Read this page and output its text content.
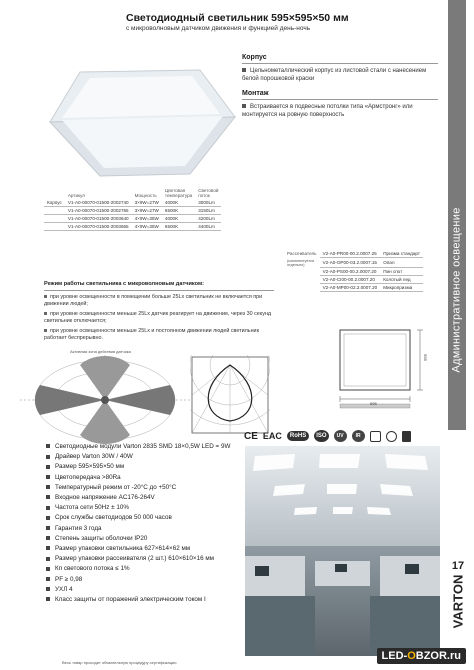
Светодиодный светильник 595×595×50 мм
с микроволновым датчиком движения и функцией день-ночь
Корпус
Цельнометаллический корпус из листовой стали с нанесением белой порошковой краски
Монтаж
Встраивается в подвесные потолки типа «Армстронг» или монтируется на ровную поверхность
	Артикул	Мощность	Цветовая температура	Световой поток
Корпус	V1-A0-00070-01500-2002740	3×9W=27W	4000K	3000Lm
	V1-A0-00070-01500-2002765	3×9W=27W	6500K	3150Lm
	V1-A0-00070-01500-2003640	4×9W=36W	4000K	4200Lm
	V1-A0-00070-01500-2003665	4×9W=36W	6500K	4400Lm
Рассеиватель	V2-A0-PR00-00.2.0007.25	Призма стандарт
(комплектуется отдельно)	V2-A0-OP00-03.2.0007.15	Опал
	V2-A0-PS00-00.2.0007.20	Пин спот
	V2-A0-CI00-00.2.0007.20	Колотый лед
	V2-A0-MP00-02.2.0007.20	Микропризма
Режим работы светильника с микроволновым датчиком:
при уровне освещенности в помещении больше 25Lx светильник не включается при движении людей;
при уровне освещенности меньше 25Lx датчик реагирует на движение, через 30 секунд светильник отключается;
при уровне освещенности меньше 25Lx и постоянном движении людей светильник работает беспрерывно.
Активная зона действия датчика
595
595
Светодиодные модули Varton 2835 SMD 18×0,5W LED = 9W
Драйвер Varton 30W / 40W
Размер 595×595×50 мм
Цветопередача >80Ra
Температурный режим от -20°С до +50°С
Входное напряжение AC176-264V
Частота сети 50Hz ± 10%
Срок службы светодиодов 50 000 часов
Гарантия 3 года
Степень защиты оболочки IP20
Размер упаковки светильника 627×614×62 мм
Размер упаковки рассеивателя (2 шт.) 610×610×16 мм
Кп светового потока ≤ 1%
PF ≥ 0,98
УХЛ 4
Класс защиты от поражений электрическим током I
CE EAC	RoHS	ISO	UV	IR
Административное освещение
17
VARTON
Весь товар проходит обязательную процедуру сертификации
LED-OBZOR.ru
